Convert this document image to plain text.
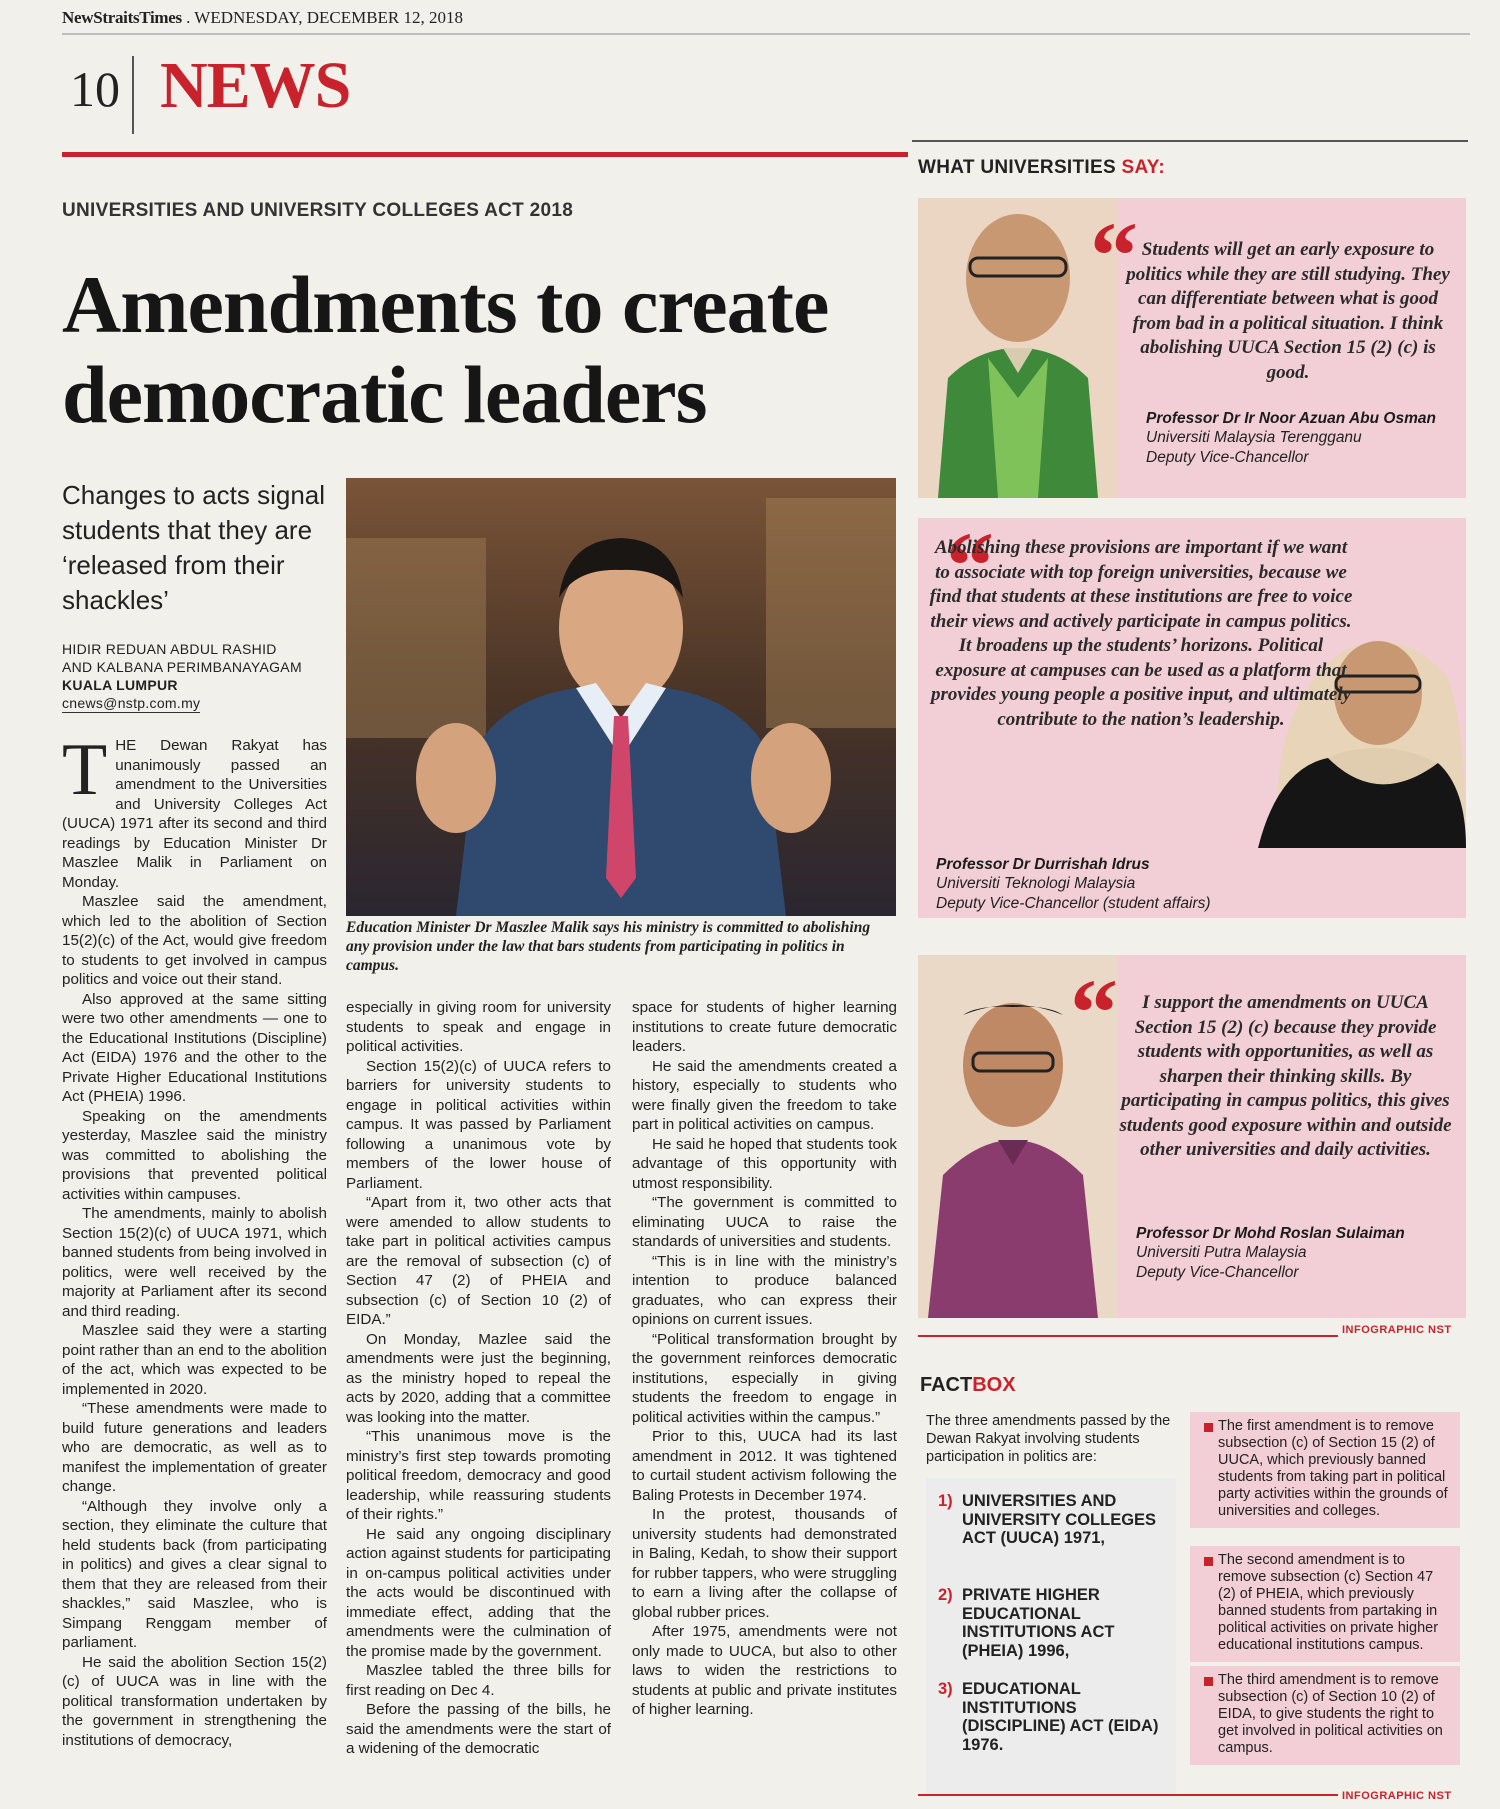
NewStraitsTimes . WEDNESDAY, DECEMBER 12, 2018
10 NEWS
UNIVERSITIES AND UNIVERSITY COLLEGES ACT 2018
Amendments to create
democratic leaders
Changes to acts signal students that they are ‘released from their shackles’
HIDIR REDUAN ABDUL RASHID
AND KALBANA PERIMBANAYAGAM
KUALA LUMPUR
cnews@nstp.com.my
Education Minister Dr Maszlee Malik says his ministry is committed to abolishing any provision under the law that bars students from participating in politics in campus.
T HE Dewan Rakyat has unanimously passed an amendment to the Universities and University Colleges Act (UUCA) 1971 after its second and third readings by Education Minister Dr Maszlee Malik in Parliament on Monday.

Maszlee said the amendment, which led to the abolition of Section 15(2)(c) of the Act, would give freedom to students to get involved in campus politics and voice out their stand.

Also approved at the same sitting were two other amendments — one to the Educational Institutions (Discipline) Act (EIDA) 1976 and the other to the Private Higher Educational Institutions Act (PHEIA) 1996.

Speaking on the amendments yesterday, Maszlee said the ministry was committed to abolishing the provisions that prevented political activities within campuses.

The amendments, mainly to abolish Section 15(2)(c) of UUCA 1971, which banned students from being involved in politics, were well received by the majority at Parliament after its second and third reading.

Maszlee said they were a starting point rather than an end to the abolition of the act, which was expected to be implemented in 2020.

“These amendments were made to build future generations and leaders who are democratic, as well as to manifest the implementation of greater change.

“Although they involve only a section, they eliminate the culture that held students back (from participating in politics) and gives a clear signal to them that they are released from their shackles,” said Maszlee, who is Simpang Renggam member of parliament.

He said the abolition Section 15(2)(c) of UUCA was in line with the political transformation undertaken by the government in strengthening the institutions of democracy,

especially in giving room for university students to speak and engage in political activities.

Section 15(2)(c) of UUCA refers to barriers for university students to engage in political activities within campus. It was passed by Parliament following a unanimous vote by members of the lower house of Parliament.

“Apart from it, two other acts that were amended to allow students to take part in political activities campus are the removal of subsection (c) of Section 47 (2) of PHEIA and subsection (c) of Section 10 (2) of EIDA.”

On Monday, Mazlee said the amendments were just the beginning, as the ministry hoped to repeal the acts by 2020, adding that a committee was looking into the matter.

“This unanimous move is the ministry’s first step towards promoting political freedom, democracy and good leadership, while reassuring students of their rights.”

He said any ongoing disciplinary action against students for participating in on-campus political activities under the acts would be discontinued with immediate effect, adding that the amendments were the culmination of the promise made by the government.

Maszlee tabled the three bills for first reading on Dec 4.

Before the passing of the bills, he said the amendments were the start of a widening of the democratic

space for students of higher learning institutions to create future democratic leaders.

He said the amendments created a history, especially to students who were finally given the freedom to take part in political activities on campus.

He said he hoped that students took advantage of this opportunity with utmost responsibility.

“The government is committed to eliminating UUCA to raise the standards of universities and students.

“This is in line with the ministry’s intention to produce balanced graduates, who can express their opinions on current issues.

“Political transformation brought by the government reinforces democratic institutions, especially in giving students the freedom to engage in political activities within the campus.”

Prior to this, UUCA had its last amendment in 2012. It was tightened to curtail student activism following the Baling Protests in December 1974.

In the protest, thousands of university students had demonstrated in Baling, Kedah, to show their support for rubber tappers, who were struggling to earn a living after the collapse of global rubber prices.

After 1975, amendments were not only made to UUCA, but also to other laws to widen the restrictions to students at public and private institutes of higher learning.

WHAT UNIVERSITIES SAY:
“ Students will get an early exposure to politics while they are still studying. They can differentiate between what is good from bad in a political situation. I think abolishing UUCA Section 15 (2) (c) is good.
Professor Dr Ir Noor Azuan Abu Osman
Universiti Malaysia Terengganu
Deputy Vice-Chancellor
“
Abolishing these provisions are important if we want to associate with top foreign universities, because we find that students at these institutions are free to voice their views and actively participate in campus politics. It broadens up the students’ horizons. Political exposure at campuses can be used as a platform that provides young people a positive input, and ultimately contribute to the nation’s leadership.
Professor Dr Durrishah Idrus
Universiti Teknologi Malaysia
Deputy Vice-Chancellor (student affairs)
“	I support the amendments on UUCA Section 15 (2) (c) because they provide students with opportunities, as well as sharpen their thinking skills. By participating in campus politics, this gives students good exposure within and outside other universities and daily activities.
Professor Dr Mohd Roslan Sulaiman
Universiti Putra Malaysia
Deputy Vice-Chancellor
INFOGRAPHIC NST
FACTBOX
The three amendments passed by the Dewan Rakyat involving students participation in politics are:
1) UNIVERSITIES AND UNIVERSITY COLLEGES ACT (UUCA) 1971,
2) PRIVATE HIGHER EDUCATIONAL INSTITUTIONS ACT (PHEIA) 1996,
3) EDUCATIONAL INSTITUTIONS (DISCIPLINE) ACT (EIDA) 1976.
The first amendment is to remove subsection (c) of Section 15 (2) of UUCA, which previously banned students from taking part in political party activities within the grounds of universities and colleges.
The second amendment is to remove subsection (c) Section 47 (2) of PHEIA, which previously banned students from partaking in political activities on private higher educational institutions campus.
The third amendment is to remove subsection (c) of Section 10 (2) of EIDA, to give students the right to get involved in political activities on campus.
INFOGRAPHIC NST
